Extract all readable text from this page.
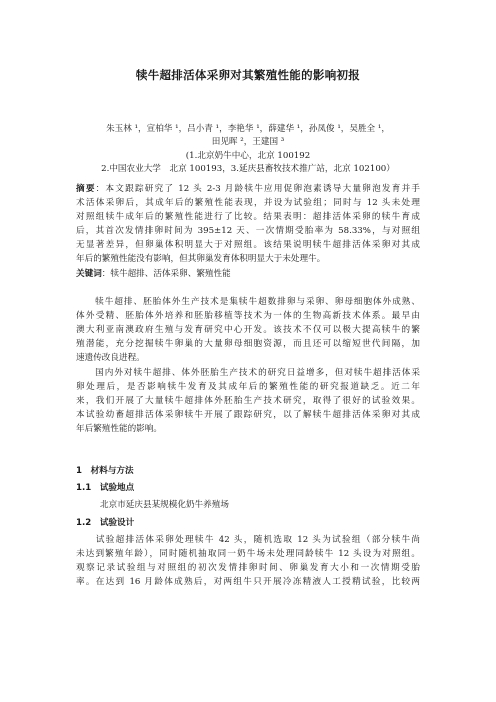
犊牛超排活体采卵对其繁殖性能的影响初报
朱玉林 ¹，宣柏华 ¹，吕小青 ¹，李艳华 ¹，薛建华 ¹，孙凤俊 ¹，吴胜全 ¹，
田见晖 ²，王建国 ³
(1.北京奶牛中心，北京 100192
2.中国农业大学　北京 100193，3.延庆县畜牧技术推广站，北京 102100）
摘要：本文跟踪研究了 12 头 2-3 月龄犊牛应用促卵泡素诱导大量卵泡发育并手
术活体采卵后，其成年后的繁殖性能表现，并设为试验组；同时与 12 头未处理
对照组犊牛成年后的繁殖性能进行了比较。结果表明：超排活体采卵的犊牛育成
后，其首次发情排卵时间为 395±12 天、一次情期受胎率为 58.33%，与对照组
无显著差异，但卵巢体积明显大于对照组。该结果说明犊牛超排活体采卵对其成
年后的繁殖性能没有影响，但其卵巢发育体积明显大于未处理牛。
关键词：犊牛超排、活体采卵、繁殖性能
　　犊牛超排、胚胎体外生产技术是集犊牛超数排卵与采卵、卵母细胞体外成熟、
体外受精、胚胎体外培养和胚胎移植等技术为一体的生物高新技术体系。最早由
澳大利亚南澳政府生殖与发育研究中心开发。该技术不仅可以极大提高犊牛的繁
殖潜能，充分挖掘犊牛卵巢的大量卵母细胞资源，而且还可以缩短世代间隔，加
速遗传改良进程。
　　国内外对犊牛超排、体外胚胎生产技术的研究日益增多，但对犊牛超排活体采
卵处理后，是否影响犊牛发育及其成年后的繁殖性能的研究报道缺乏。近二年
来，我们开展了大量犊牛超排体外胚胎生产技术研究，取得了很好的试验效果。
本试验幼畜超排活体采卵犊牛开展了跟踪研究，以了解犊牛超排活体采卵对其成
年后繁殖性能的影响。
1　材料与方法
1.1　试验地点
北京市延庆县某规模化奶牛养殖场
1.2　试验设计
　　试验超排活体采卵处理犊牛 42 头，随机选取 12 头为试验组（部分犊牛尚
未达到繁殖年龄），同时随机抽取同一奶牛场未处理同龄犊牛 12 头设为对照组。
观察记录试验组与对照组的初次发情排卵时间、卵巢发育大小和一次情期受胎
率。在达到 16 月龄体成熟后，对两组牛只开展冷冻精液人工授精试验，比较两
